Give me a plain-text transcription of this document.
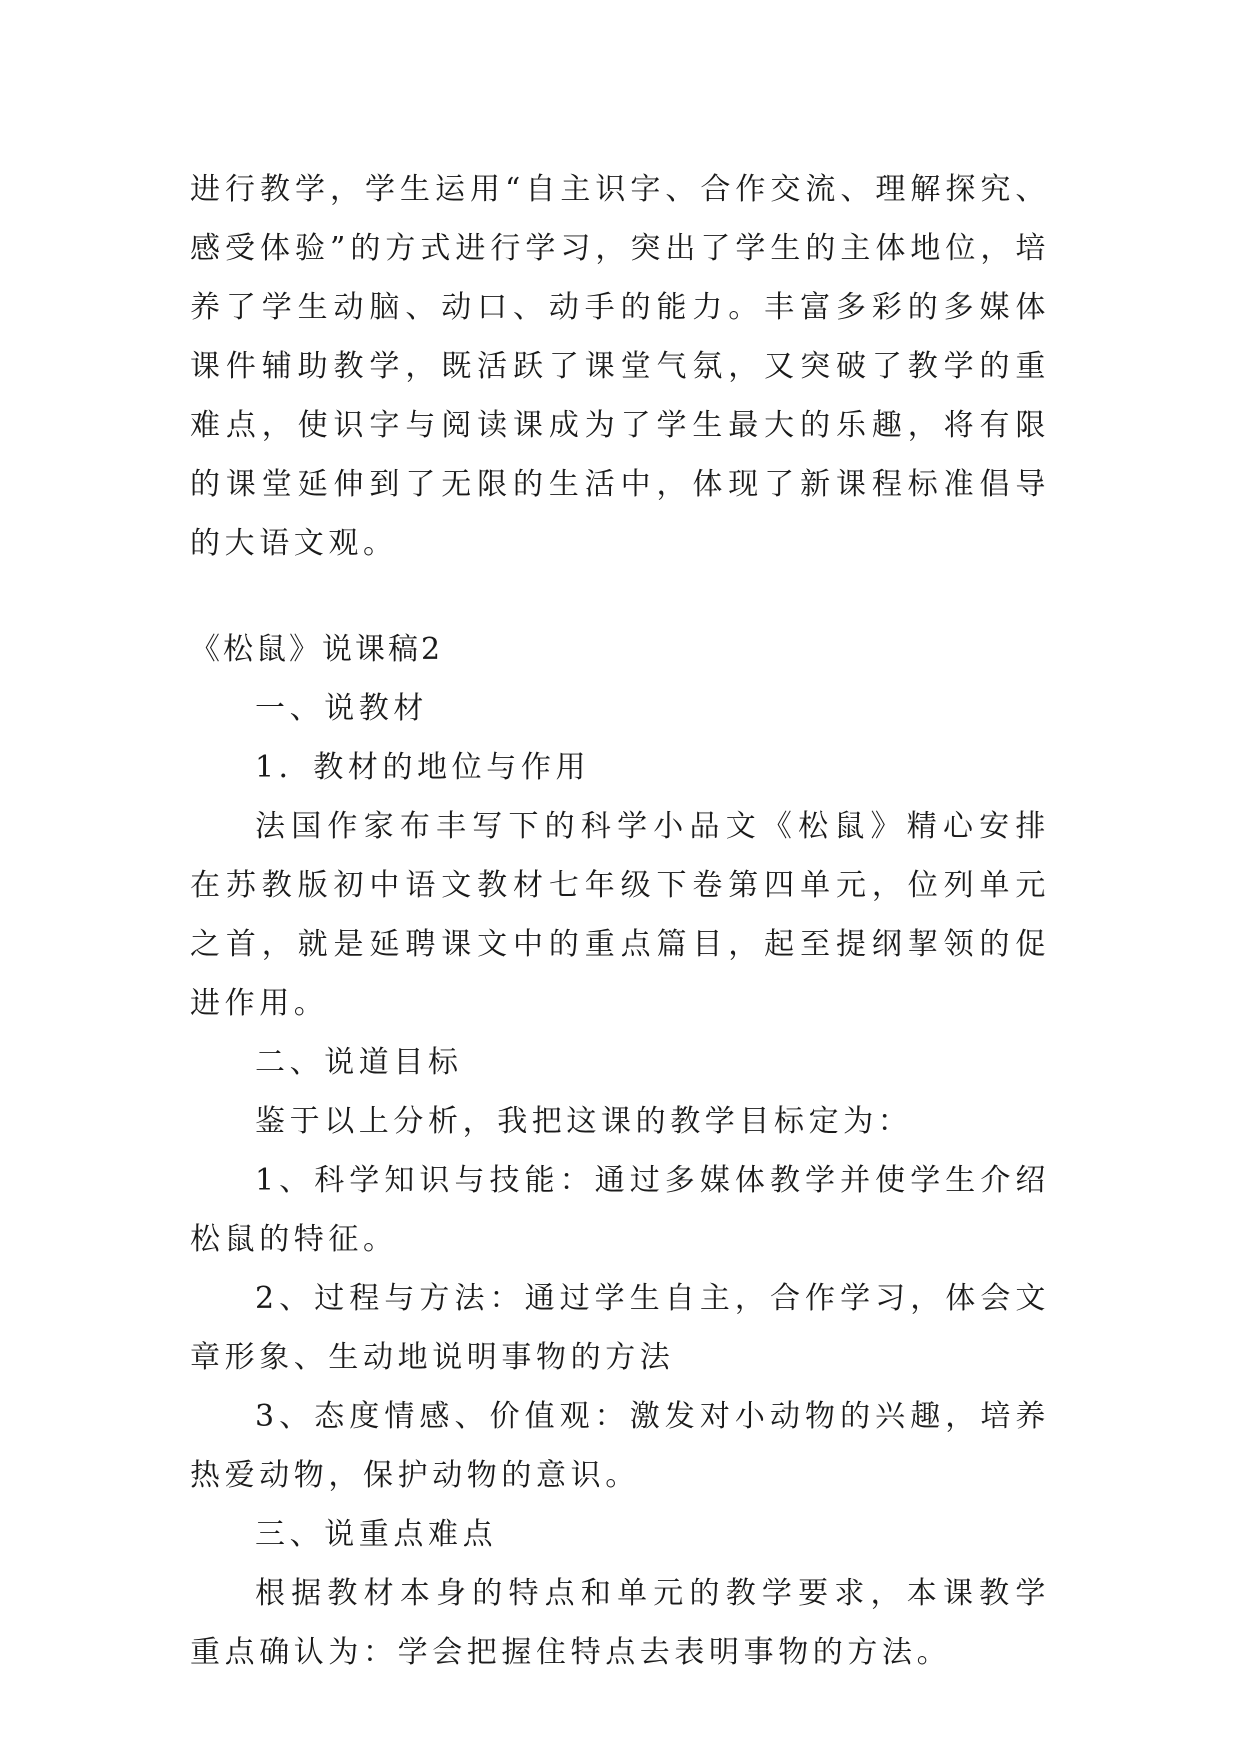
进行教学，学生运用“自主识字、合作交流、理解探究、感受体验”的方式进行学习，突出了学生的主体地位，培养了学生动脑、动口、动手的能力。丰富多彩的多媒体课件辅助教学，既活跃了课堂气氛，又突破了教学的重难点，使识字与阅读课成为了学生最大的乐趣，将有限的课堂延伸到了无限的生活中，体现了新课程标准倡导的大语文观。

《松鼠》说课稿2

一、说教材

1．教材的地位与作用

法国作家布丰写下的科学小品文《松鼠》精心安排在苏教版初中语文教材七年级下卷第四单元，位列单元之首，就是延聘课文中的重点篇目，起至提纲挈领的促进作用。

二、说道目标

鉴于以上分析，我把这课的教学目标定为：

1、科学知识与技能：通过多媒体教学并使学生介绍松鼠的特征。

2、过程与方法：通过学生自主，合作学习，体会文章形象、生动地说明事物的方法

3、态度情感、价值观：激发对小动物的兴趣，培养热爱动物，保护动物的意识。

三、说重点难点

根据教材本身的特点和单元的教学要求，本课教学重点确认为：学会把握住特点去表明事物的方法。
